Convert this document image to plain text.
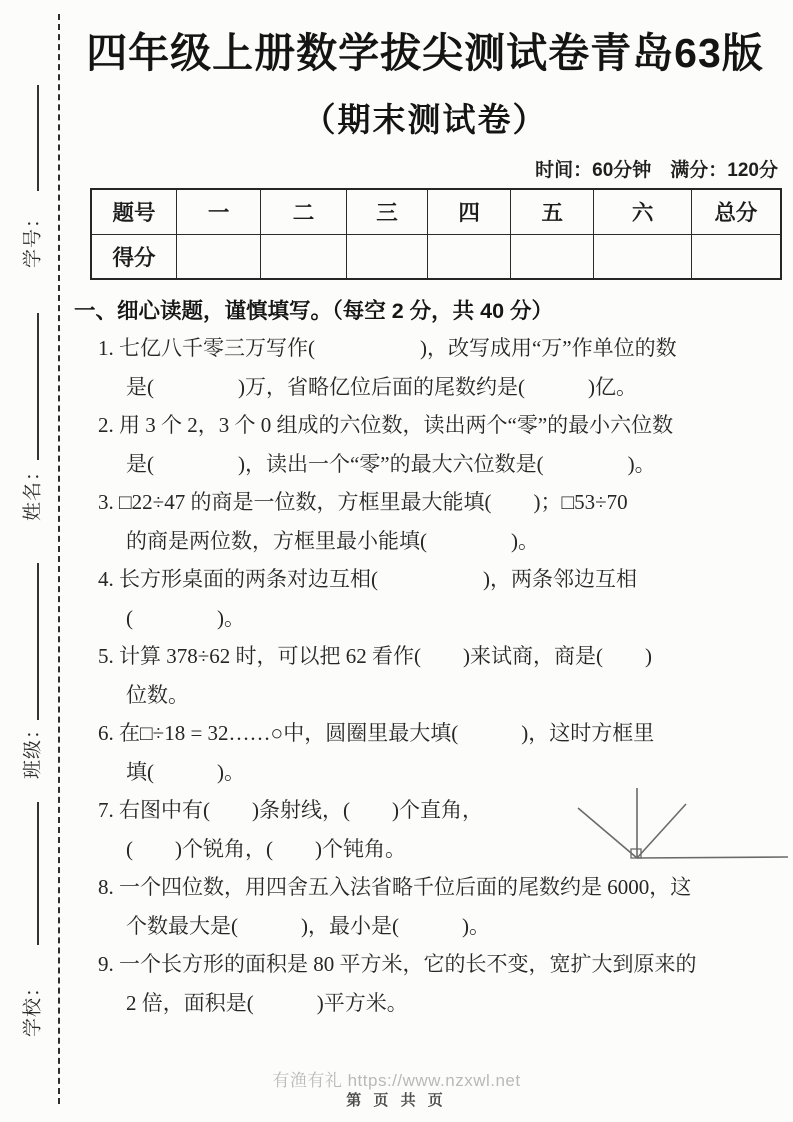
学号：
姓名：
班级：
学校：
四年级上册数学拔尖测试卷青岛63版
（期末测试卷）
时间：60分钟　满分：120分
题号	一	二	三	四	五	六	总分
得分							
一、细心读题，谨慎填写。（每空 2 分，共 40 分）
1. 七亿八千零三万写作(　　　　　)，改写成用“万”作单位的数
是(　　　　)万，省略亿位后面的尾数约是(　　　)亿。
2. 用 3 个 2，3 个 0 组成的六位数，读出两个“零”的最小六位数
是(　　　　)，读出一个“零”的最大六位数是(　　　　)。
3. □22÷47 的商是一位数，方框里最大能填(　　)；□53÷70
的商是两位数，方框里最小能填(　　　　)。
4. 长方形桌面的两条对边互相(　　　　　)，两条邻边互相
(　　　　)。
5. 计算 378÷62 时，可以把 62 看作(　　)来试商，商是(　　)
位数。
6. 在□÷18 = 32……○中，圆圈里最大填(　　　)，这时方框里
填(　　　)。
7. 右图中有(　　)条射线，(　　)个直角，
(　　)个锐角，(　　)个钝角。
8. 一个四位数，用四舍五入法省略千位后面的尾数约是 6000，这
个数最大是(　　　)，最小是(　　　)。
9. 一个长方形的面积是 80 平方米，它的长不变，宽扩大到原来的
2 倍，面积是(　　　)平方米。
有渔有礼 https://www.nzxwl.net
第 页 共 页
